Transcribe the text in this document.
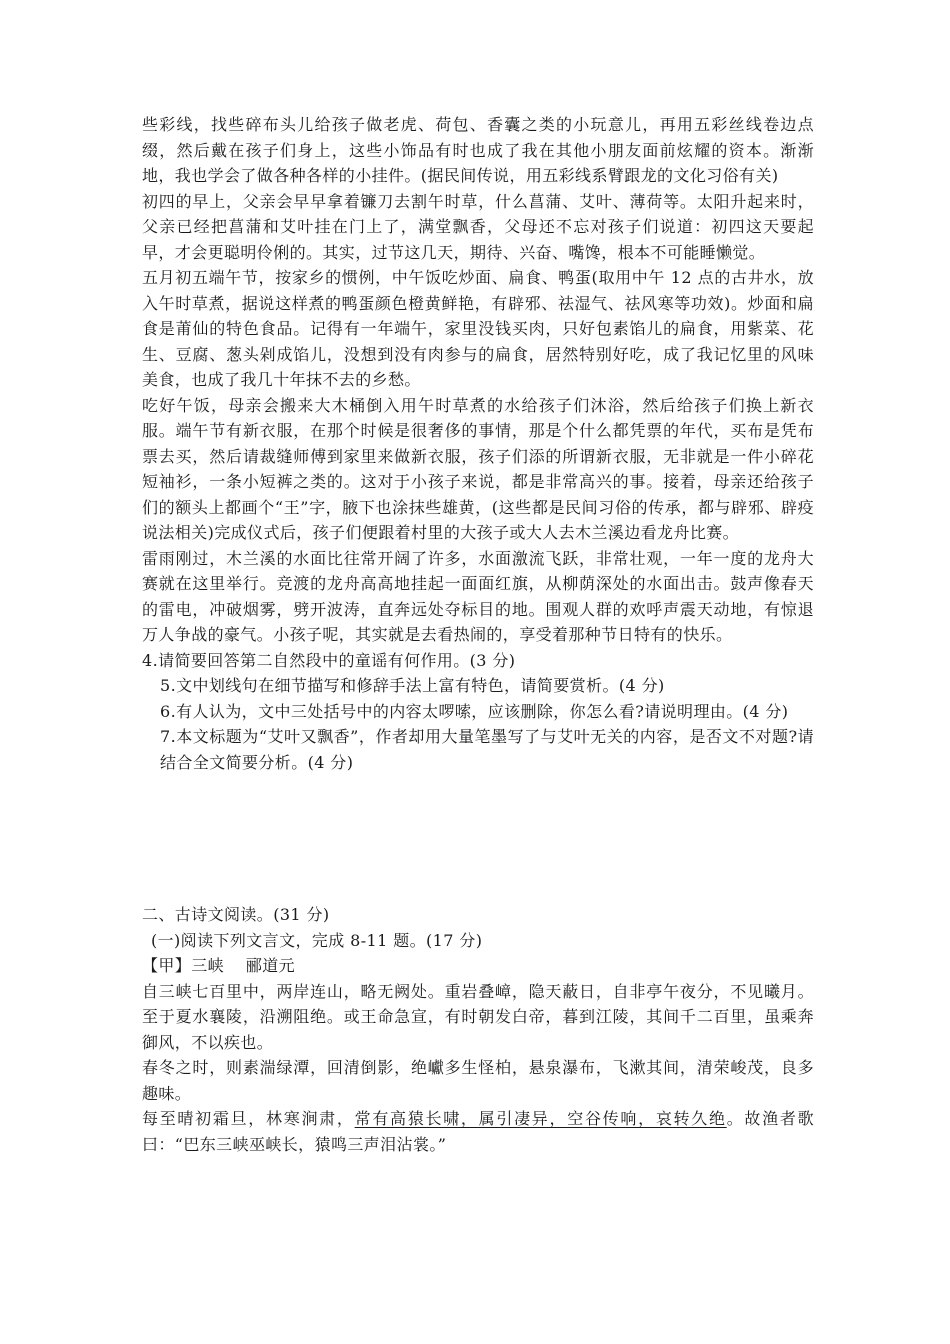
些彩线，找些碎布头儿给孩子做老虎、荷包、香囊之类的小玩意儿，再用五彩丝线卷边点缀，然后戴在孩子们身上，这些小饰品有时也成了我在其他小朋友面前炫耀的资本。渐渐地，我也学会了做各种各样的小挂件。(据民间传说，用五彩线系臂跟龙的文化习俗有关)

初四的早上，父亲会早早拿着镰刀去割午时草，什么菖蒲、艾叶、薄荷等。太阳升起来时，父亲已经把菖蒲和艾叶挂在门上了，满堂飘香，父母还不忘对孩子们说道：初四这天要起早，才会更聪明伶俐的。其实，过节这几天，期待、兴奋、嘴馋，根本不可能睡懒觉。

五月初五端午节，按家乡的惯例，中午饭吃炒面、扁食、鸭蛋(取用中午 12 点的古井水，放入午时草煮，据说这样煮的鸭蛋颜色橙黄鲜艳，有辟邪、祛湿气、祛风寒等功效)。炒面和扁食是莆仙的特色食品。记得有一年端午，家里没钱买肉，只好包素馅儿的扁食，用紫菜、花生、豆腐、葱头剁成馅儿，没想到没有肉参与的扁食，居然特别好吃，成了我记忆里的风味美食，也成了我几十年抹不去的乡愁。

吃好午饭，母亲会搬来大木桶倒入用午时草煮的水给孩子们沐浴，然后给孩子们换上新衣服。端午节有新衣服，在那个时候是很奢侈的事情，那是个什么都凭票的年代，买布是凭布票去买，然后请裁缝师傅到家里来做新衣服，孩子们添的所谓新衣服，无非就是一件小碎花短袖衫，一条小短裤之类的。这对于小孩子来说，都是非常高兴的事。接着，母亲还给孩子们的额头上都画个“王”字，腋下也涂抹些雄黄，(这些都是民间习俗的传承，都与辟邪、辟疫说法相关)完成仪式后，孩子们便跟着村里的大孩子或大人去木兰溪边看龙舟比赛。

雷雨刚过，木兰溪的水面比往常开阔了许多，水面激流飞跃，非常壮观，一年一度的龙舟大赛就在这里举行。竞渡的龙舟高高地挂起一面面红旗，从柳荫深处的水面出击。鼓声像春天的雷电，冲破烟雾，劈开波涛，直奔远处夺标目的地。围观人群的欢呼声震天动地，有惊退万人争战的豪气。小孩子呢，其实就是去看热闹的，享受着那种节日特有的快乐。

4.请简要回答第二自然段中的童谣有何作用。(3 分)

5.文中划线句在细节描写和修辞手法上富有特色，请简要赏析。(4 分)

6.有人认为，文中三处括号中的内容太啰嗦，应该删除，你怎么看?请说明理由。(4 分)

7.本文标题为“艾叶又飘香”，作者却用大量笔墨写了与艾叶无关的内容，是否文不对题?请结合全文简要分析。(4 分)

二、古诗文阅读。(31 分)

(一)阅读下列文言文，完成 8-11 题。(17 分)

【甲】三峡　 郦道元

自三峡七百里中，两岸连山，略无阙处。重岩叠嶂，隐天蔽日，自非亭午夜分，不见曦月。至于夏水襄陵，沿溯阻绝。或王命急宣，有时朝发白帝，暮到江陵，其间千二百里，虽乘奔御风，不以疾也。

春冬之时，则素湍绿潭，回清倒影，绝巘多生怪柏，悬泉瀑布，飞漱其间，清荣峻茂，良多趣味。

每至晴初霜旦，林寒涧肃，常有高猿长啸，属引凄异，空谷传响，哀转久绝。故渔者歌曰：“巴东三峡巫峡长，猿鸣三声泪沾裳。”
